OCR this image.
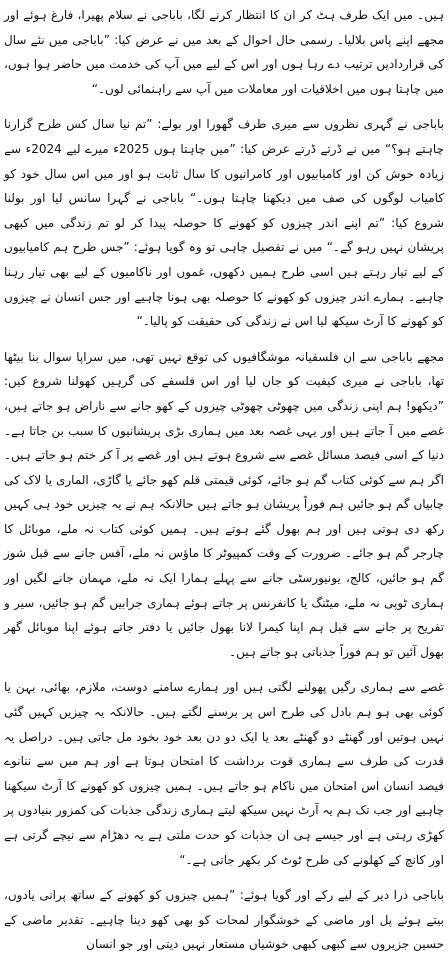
ہیں۔ میں ایک طرف ہٹ کر ان کا انتظار کرنے لگا، باباجی نے سلام پھیرا، فارغ ہوئے اور مجھے اپنے پاس بلالیا۔ رسمی حال احوال کے بعد میں نے عرض کیا: ”باباجی میں نئے سال کی قراردادیں ترتیب دے رہا ہوں اور اس کے لیے میں آپ کی خدمت میں حاضر ہوا ہوں، میں چاہتا ہوں میں اخلاقیات اور معاملات میں آپ سے راہنمائی لوں۔“

باباجی نے گہری نظروں سے میری طرف گھورا اور بولے: ”تم نیا سال کس طرح گزارنا چاہتے ہو؟“ میں نے ڈرتے ڈرتے عرض کیا: ”میں چاہتا ہوں 2025ء میرے لیے 2024ء سے زیادہ خوش کن اور کامیابیوں اور کامرانیوں کا سال ثابت ہو اور میں اس سال خود کو کامیاب لوگوں کی صف میں دیکھنا چاہتا ہوں۔“ باباجی نے گہرا سانس لیا اور بولنا شروع کیا: ”تم اپنے اندر چیزوں کو کھونے کا حوصلہ پیدا کر لو تم زندگی میں کبھی پریشان نہیں رہو گے۔“ میں نے تفصیل چاہی تو وہ گویا ہوئے: ”جس طرح ہم کامیابیوں کے لیے تیار رہتے ہیں اسی طرح ہمیں دکھوں، غموں اور ناکامیوں کے لیے بھی تیار رہنا چاہیے۔ ہمارے اندر چیزوں کو کھونے کا حوصلہ بھی ہونا چاہیے اور جس انسان نے چیزوں کو کھونے کا آرٹ سیکھ لیا اس نے زندگی کی حقیقت کو پالیا۔“

مجھے باباجی سے ان فلسفیانہ موشگافیوں کی توقع نہیں تھی، میں سراپا سوال بنا بیٹھا تھا، باباجی نے میری کیفیت کو جان لیا اور اس فلسفے کی گرہیں کھولنا شروع کیں: ”دیکھو! ہم اپنی زندگی میں چھوٹی چھوٹی چیزوں کے کھو جانے سے ناراض ہو جاتے ہیں، غصے میں آ جاتے ہیں اور یہی غصہ بعد میں ہماری بڑی پریشانیوں کا سبب بن جاتا ہے۔ دنیا کے اسی فیصد مسائل غصے سے شروع ہوتے ہیں اور غصے پر آ کر ختم ہو جاتے ہیں۔ اگر ہم سے کوئی کتاب گم ہو جائے، کوئی قیمتی قلم کھو جائے یا گاڑی، الماری یا لاک کی چابیاں گم ہو جائیں ہم فوراً پریشان ہو جاتے ہیں حالانکہ ہم نے یہ چیزیں خود ہی کہیں رکھ دی ہوتی ہیں اور ہم بھول گئے ہوتے ہیں۔ ہمیں کوئی کتاب نہ ملے، موبائل کا چارجر گم ہو جائے۔ ضرورت کے وقت کمپیوٹر کا ماؤس نہ ملے، آفس جانے سے قبل شوز گم ہو جائیں، کالج، یونیورسٹی جانے سے پہلے ہمارا ایک نہ ملے، مہمان جانے لگیں اور ہماری ٹوپی نہ ملے، میٹنگ یا کانفرنس پر جاتے ہوئے ہماری جرابیں گم ہو جائیں، سیر و تفریح پر جانے سے قبل ہم اپنا کیمرا لانا بھول جائیں یا دفتر جاتے ہوئے اپنا موبائل گھر بھول آئیں تو ہم فوراً جذباتی ہو جاتے ہیں۔

غصے سے ہماری رگیں پھولنے لگتی ہیں اور ہمارے سامنے دوست، ملازم، بھائی، بہن یا کوئی بھی ہو ہم بادل کی طرح اس پر برسنے لگتے ہیں۔ حالانکہ یہ چیزیں کہیں گئی نہیں ہوتیں اور گھنٹے دو گھنٹے بعد یا ایک دو دن بعد خود بخود مل جاتی ہیں۔ دراصل یہ قدرت کی طرف سے ہماری قوت برداشت کا امتحان ہوتا ہے اور ہم میں سے ننانوے فیصد انسان اس امتحان میں ناکام ہو جاتے ہیں۔ ہمیں چیزوں کو کھونے کا آرٹ سیکھنا چاہیے اور جب تک ہم یہ آرٹ نہیں سیکھ لیتے ہماری زندگی جذبات کی کمزور بنیادوں پر کھڑی رہتی ہے اور جیسے ہی ان جذبات کو حدت ملتی ہے یہ دھڑام سے نیچے گرتی ہے اور کانچ کے کھلونے کی طرح ٹوٹ کر بکھر جاتی ہے۔“

باباجی ذرا دیر کے لیے رکے اور گویا ہوئے: ”ہمیں چیزوں کو کھونے کے ساتھ پرانی یادوں، بیتے ہوئے پل اور ماضی کے خوشگوار لمحات کو بھی کھو دینا چاہیے۔ تقدیر ماضی کے حسین جزیروں سے کبھی کبھی خوشیاں مستعار نہیں دیتی اور جو انسان
